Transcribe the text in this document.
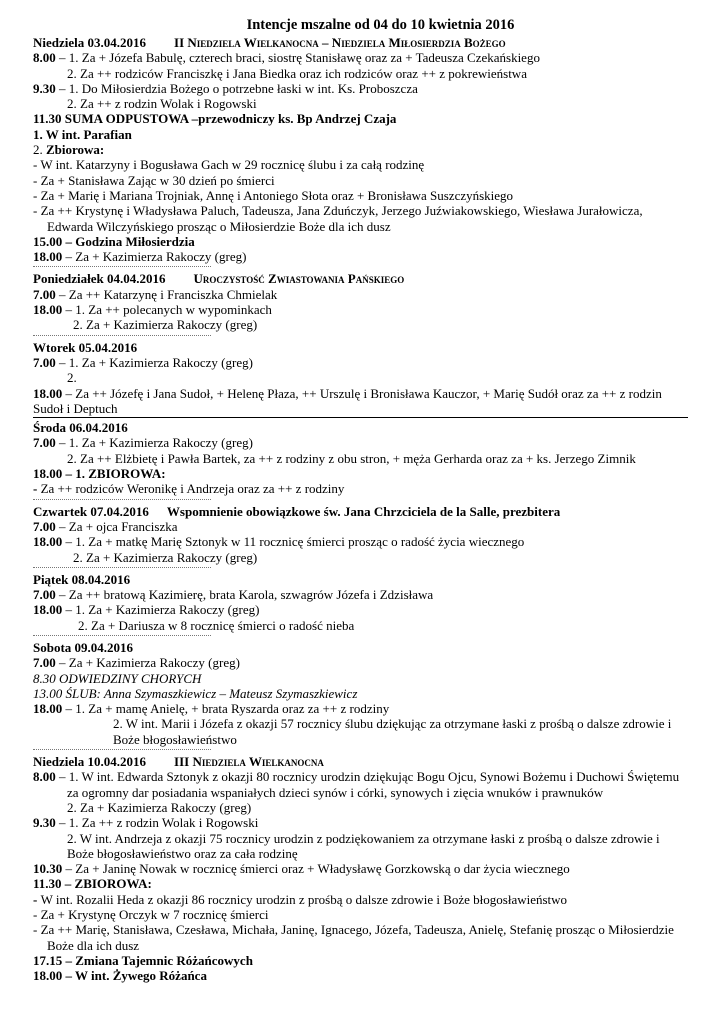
Intencje mszalne od 04 do 10 kwietnia 2016
Niedziela 03.04.2016 II Niedziela Wielkanocna – Niedziela Miłosierdzia Bożego
8.00 – 1. Za + Józefa Babulę, czterech braci, siostrę Stanisławę oraz za + Tadeusza Czekańskiego
2. Za ++ rodziców Franciszkę i Jana Biedka oraz ich rodziców oraz ++ z pokrewieństwa
9.30 – 1. Do Miłosierdzia Bożego o potrzebne łaski w int. Ks. Proboszcza
2. Za ++ z rodzin Wolak i Rogowski
11.30 SUMA ODPUSTOWA –przewodniczy ks. Bp Andrzej Czaja
1. W int. Parafian
2. Zbiorowa:
- W int. Katarzyny i Bogusława Gach w 29 rocznicę ślubu i za całą rodzinę
- Za + Stanisława Zając w 30 dzień po śmierci
- Za + Marię i Mariana Trojniak, Annę i Antoniego Słota oraz + Bronisława Suszczyńskiego
- Za ++ Krystynę i Władysława Paluch, Tadeusza, Jana Zduńczyk, Jerzego Juźwiakowskiego, Wiesława Jurałowicza, Edwarda Wilczyńskiego prosząc o Miłosierdzie Boże dla ich dusz
15.00 – Godzina Miłosierdzia
18.00 – Za + Kazimierza Rakoczy (greg)
Poniedziałek 04.04.2016 Uroczystość Zwiastowania Pańskiego
7.00 – Za ++ Katarzynę i Franciszka Chmielak
18.00 – 1. Za ++ polecanych w wypominkach
2. Za + Kazimierza Rakoczy (greg)
Wtorek 05.04.2016
7.00 – 1. Za + Kazimierza Rakoczy (greg)
2.
18.00 – Za ++ Józefę i Jana Sudoł, + Helenę Płaza, ++ Urszulę i Bronisława Kauczor, + Marię Sudół oraz za ++ z rodzin Sudoł i Deptuch
Środa 06.04.2016
7.00 – 1. Za + Kazimierza Rakoczy (greg)
2. Za ++ Elżbietę i Pawła Bartek, za ++ z rodziny z obu stron, + męża Gerharda oraz za + ks. Jerzego Zimnik
18.00 – 1. ZBIOROWA:
- Za ++ rodziców Weronikę i Andrzeja oraz za ++ z rodziny
Czwartek 07.04.2016 Wspomnienie obowiązkowe św. Jana Chrzciciela de la Salle, prezbitera
7.00 – Za + ojca Franciszka
18.00 – 1. Za + matkę Marię Sztonyk w 11 rocznicę śmierci prosząc o radość życia wiecznego
2. Za + Kazimierza Rakoczy (greg)
Piątek 08.04.2016
7.00 – Za ++ bratową Kazimierę, brata Karola, szwagrów Józefa i Zdzisława
18.00 – 1. Za + Kazimierza Rakoczy (greg)
2. Za + Dariusza w 8 rocznicę śmierci o radość nieba
Sobota 09.04.2016
7.00 – Za + Kazimierza Rakoczy (greg)
8.30 ODWIEDZINY CHORYCH
13.00 ŚLUB: Anna Szymaszkiewicz – Mateusz Szymaszkiewicz
18.00 – 1. Za + mamę Anielę, + brata Ryszarda oraz za ++ z rodziny
2. W int. Marii i Józefa z okazji 57 rocznicy ślubu dziękując za otrzymane łaski z prośbą o dalsze zdrowie i Boże błogosławieństwo
Niedziela 10.04.2016 III Niedziela Wielkanocna
8.00 – 1. W int. Edwarda Sztonyk z okazji 80 rocznicy urodzin dziękując Bogu Ojcu, Synowi Bożemu i Duchowi Świętemu za ogromny dar posiadania wspaniałych dzieci synów i córki, synowych i zięcia wnuków i prawnuków
2. Za + Kazimierza Rakoczy (greg)
9.30 – 1. Za ++ z rodzin Wolak i Rogowski
2. W int. Andrzeja z okazji 75 rocznicy urodzin z podziękowaniem za otrzymane łaski z prośbą o dalsze zdrowie i Boże błogosławieństwo oraz za cała rodzinę
10.30 – Za + Janinę Nowak w rocznicę śmierci oraz + Władysławę Gorzkowską o dar życia wiecznego
11.30 – ZBIOROWA:
- W int. Rozalii Heda z okazji 86 rocznicy urodzin z prośbą o dalsze zdrowie i Boże błogosławieństwo
- Za + Krystynę Orczyk w 7 rocznicę śmierci
- Za ++ Marię, Stanisława, Czesława, Michała, Janinę, Ignacego, Józefa, Tadeusza, Anielę, Stefanię prosząc o Miłosierdzie Boże dla ich dusz
17.15 – Zmiana Tajemnic Różańcowych
18.00 – W int. Żywego Różańca
